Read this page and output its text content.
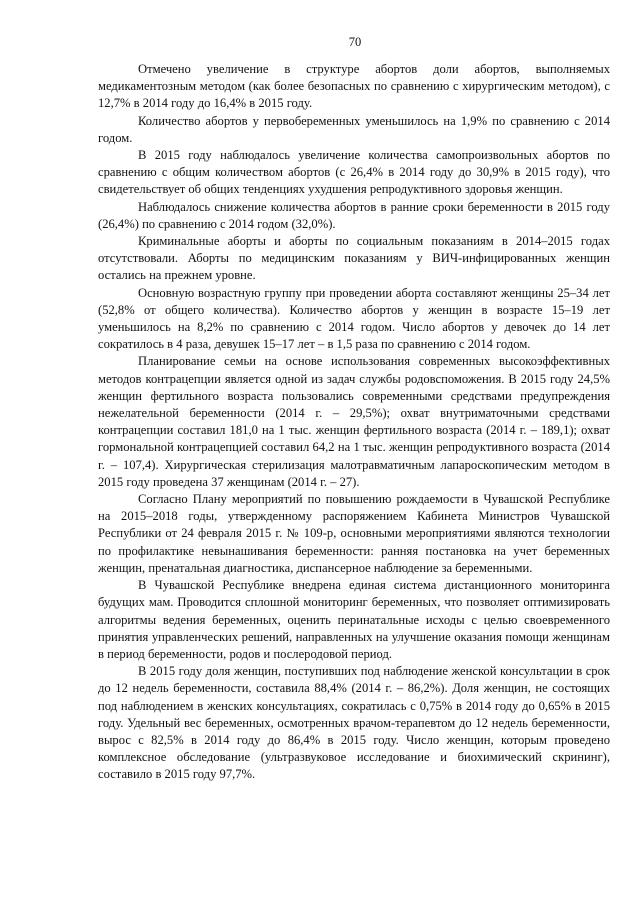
70

Отмечено увеличение в структуре абортов доли абортов, выполняемых медикаментозным методом (как более безопасных по сравнению с хирургическим методом), с 12,7% в 2014 году до 16,4% в 2015 году.

Количество абортов у первобеременных уменьшилось на 1,9% по сравнению с 2014 годом.

В 2015 году наблюдалось увеличение количества самопроизвольных абортов по сравнению с общим количеством абортов (с 26,4% в 2014 году до 30,9% в 2015 году), что свидетельствует об общих тенденциях ухудшения репродуктивного здоровья женщин.

Наблюдалось снижение количества абортов в ранние сроки беременности в 2015 году (26,4%) по сравнению с 2014 годом (32,0%).

Криминальные аборты и аборты по социальным показаниям в 2014–2015 годах отсутствовали. Аборты по медицинским показаниям у ВИЧ-инфицированных женщин остались на прежнем уровне.

Основную возрастную группу при проведении аборта составляют женщины 25–34 лет (52,8% от общего количества). Количество абортов у женщин в возрасте 15–19 лет уменьшилось на 8,2% по сравнению с 2014 годом. Число абортов у девочек до 14 лет сократилось в 4 раза, девушек 15–17 лет – в 1,5 раза по сравнению с 2014 годом.

Планирование семьи на основе использования современных высокоэффективных методов контрацепции является одной из задач службы родовспоможения. В 2015 году 24,5% женщин фертильного возраста пользовались современными средствами предупреждения нежелательной беременности (2014 г. – 29,5%); охват внутриматочными средствами контрацепции составил 181,0 на 1 тыс. женщин фертильного возраста (2014 г. – 189,1); охват гормональной контрацепцией составил 64,2 на 1 тыс. женщин репродуктивного возраста (2014 г. – 107,4). Хирургическая стерилизация малотравматичным лапароскопическим методом в 2015 году проведена 37 женщинам (2014 г. – 27).

Согласно Плану мероприятий по повышению рождаемости в Чувашской Республике на 2015–2018 годы, утвержденному распоряжением Кабинета Министров Чувашской Республики от 24 февраля 2015 г. № 109-р, основными мероприятиями являются технологии по профилактике невынашивания беременности: ранняя постановка на учет беременных женщин, пренатальная диагностика, диспансерное наблюдение за беременными.

В Чувашской Республике внедрена единая система дистанционного мониторинга будущих мам. Проводится сплошной мониторинг беременных, что позволяет оптимизировать алгоритмы ведения беременных, оценить перинатальные исходы с целью своевременного принятия управленческих решений, направленных на улучшение оказания помощи женщинам в период беременности, родов и послеродовой период.

В 2015 году доля женщин, поступивших под наблюдение женской консультации в срок до 12 недель беременности, составила 88,4% (2014 г. – 86,2%). Доля женщин, не состоящих под наблюдением в женских консультациях, сократилась с 0,75% в 2014 году до 0,65% в 2015 году. Удельный вес беременных, осмотренных врачом-терапевтом до 12 недель беременности, вырос с 82,5% в 2014 году до 86,4% в 2015 году. Число женщин, которым проведено комплексное обследование (ультразвуковое исследование и биохимический скрининг), составило в 2015 году 97,7%.
